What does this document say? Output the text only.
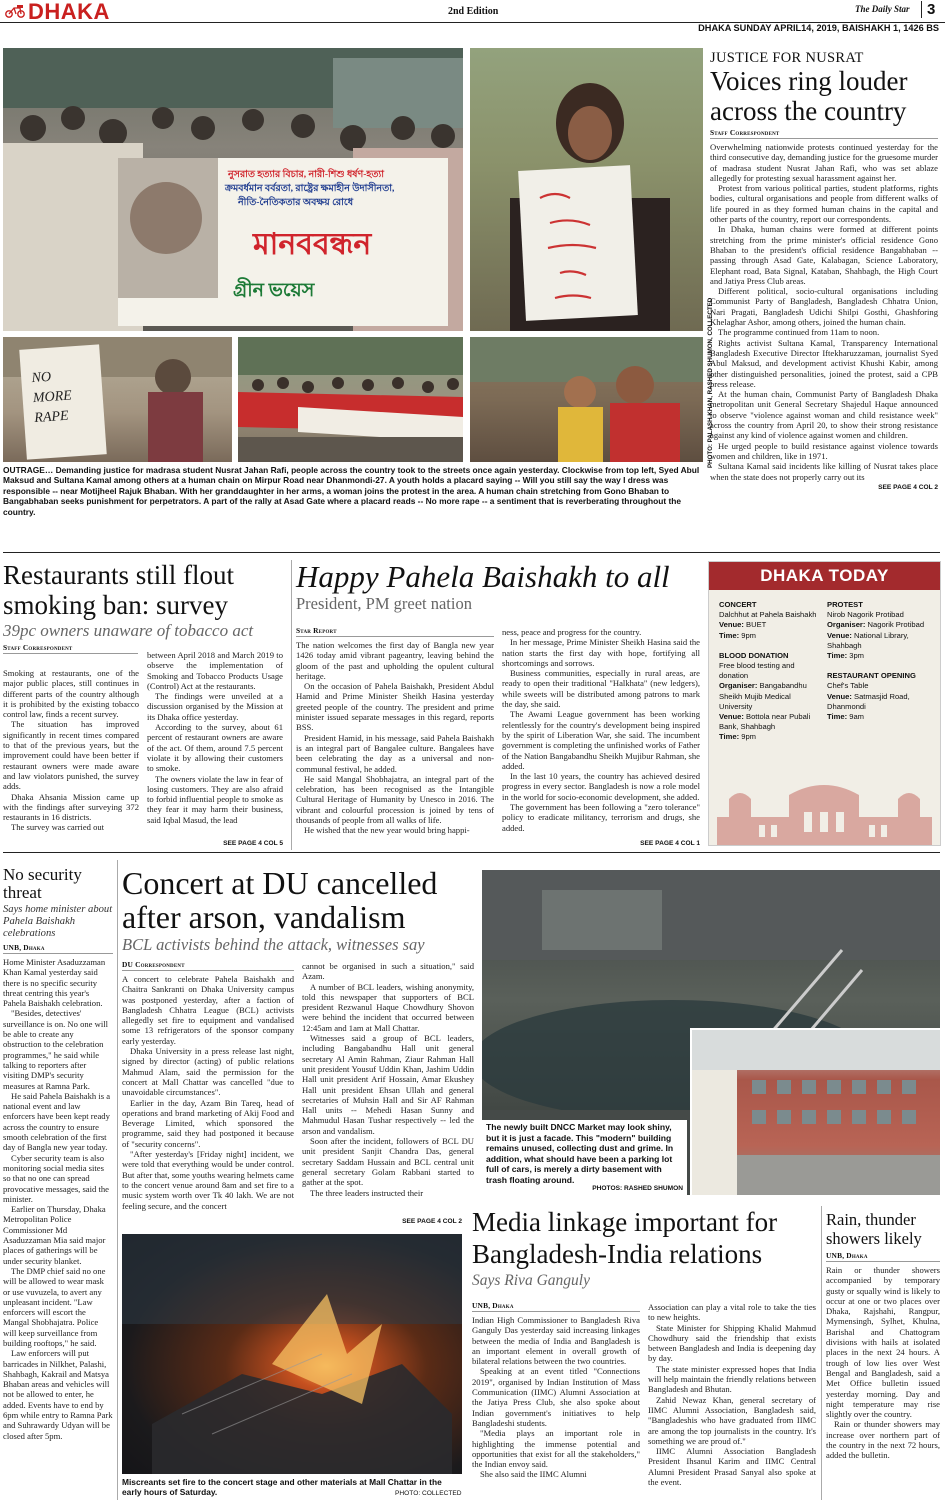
DHAKA	2nd Edition	The Daily Star	3
DHAKA SUNDAY APRIL14, 2019, BAISHAKH 1, 1426 BS
নুসরাত হত্যার বিচার, নারী-শিশু ধর্ষণ-হত্যা
ক্রমবর্ধমান বর্বরতা, রাষ্ট্রের ক্ষমাহীন উদাসীনতা,
নীতি-নৈতিকতার অবক্ষয় রোধে
মানববন্ধন
গ্রীন ভয়েস
NO MORE RAPE	PHOTO: PALASH KHAN, RASHED SHUMON, COLLECTED
JUSTICE FOR NUSRAT
Voices ring louder across the country
Staff Correspondent

Overwhelming nationwide protests continued yesterday for the third consecutive day, demanding justice for the gruesome murder of madrasa student Nusrat Jahan Rafi, who was set ablaze allegedly for protesting sexual harassment against her.

Protest from various political parties, student platforms, rights bodies, cultural organisations and people from different walks of life poured in as they formed human chains in the capital and other parts of the country, report our correspondents.

In Dhaka, human chains were formed at different points stretching from the prime minister's official residence Gono Bhaban to the president's official residence Bangabhaban -- passing through Asad Gate, Kalabagan, Science Laboratory, Elephant road, Bata Signal, Kataban, Shahbagh, the High Court and Jatiya Press Club areas.

Different political, socio-cultural organisations including Communist Party of Bangladesh, Bangladesh Chhatra Union, Nari Pragati, Bangladesh Udichi Shilpi Gosthi, Ghashforing Khelaghar Ashor, among others, joined the human chain.

The programme continued from 11am to noon.

Rights activist Sultana Kamal, Transparency International Bangladesh Executive Director Iftekharuzzaman, journalist Syed Abul Maksud, and development activist Khushi Kabir, among other distinguished personalities, joined the protest, said a CPB press release.

At the human chain, Communist Party of Bangladesh Dhaka metropolitan unit General Secretary Shajedul Haque announced to observe "violence against woman and child resistance week" across the country from April 20, to show their strong resistance against any kind of violence against women and children.

He urged people to build resistance against violence towards women and children, like in 1971.

Sultana Kamal said incidents like killing of Nusrat takes place when the state does not properly carry out its

SEE PAGE 4 COL 2
OUTRAGE… Demanding justice for madrasa student Nusrat Jahan Rafi, people across the country took to the streets once again yesterday. Clockwise from top left, Syed Abul Maksud and Sultana Kamal among others at a human chain on Mirpur Road near Dhanmondi-27. A youth holds a placard saying -- Will you still say the way I dress was responsible -- near Motijheel Rajuk Bhaban. With her granddaughter in her arms, a woman joins the protest in the area. A human chain stretching from Gono Bhaban to Bangabhaban seeks punishment for perpetrators. A part of the rally at Asad Gate where a placard reads -- No more rape -- a sentiment that is reverberating throughout the country.
Restaurants still flout smoking ban: survey
39pc owners unaware of tobacco act
Staff Correspondent

Smoking at restaurants, one of the major public places, still continues in different parts of the country although it is prohibited by the existing tobacco control law, finds a recent survey.

The situation has improved significantly in recent times compared to that of the previous years, but the improvement could have been better if restaurant owners were made aware and law violators punished, the survey adds.

Dhaka Ahsania Mission came up with the findings after surveying 372 restaurants in 16 districts.

The survey was carried out

between April 2018 and March 2019 to observe the implementation of Smoking and Tobacco Products Usage (Control) Act at the restaurants.

The findings were unveiled at a discussion organised by the Mission at its Dhaka office yesterday.

According to the survey, about 61 percent of restaurant owners are aware of the act. Of them, around 7.5 percent violate it by allowing their customers to smoke.

The owners violate the law in fear of losing customers. They are also afraid to forbid influential people to smoke as they fear it may harm their business, said Iqbal Masud, the lead

SEE PAGE 4 COL 5
Happy Pahela Baishakh to all
President, PM greet nation
Star Report

The nation welcomes the first day of Bangla new year 1426 today amid vibrant pageantry, leaving behind the gloom of the past and upholding the opulent cultural heritage.

On the occasion of Pahela Baishakh, President Abdul Hamid and Prime Minister Sheikh Hasina yesterday greeted people of the country. The president and prime minister issued separate messages in this regard, reports BSS.

President Hamid, in his message, said Pahela Baishakh is an integral part of Bangalee culture. Bangalees have been celebrating the day as a universal and non-communal festival, he added.

He said Mangal Shobhajatra, an integral part of the celebration, has been recognised as the Intangible Cultural Heritage of Humanity by Unesco in 2016. The vibrant and colourful procession is joined by tens of thousands of people from all walks of life.

He wished that the new year would bring happi-

ness, peace and progress for the country.

In her message, Prime Minister Sheikh Hasina said the nation starts the first day with hope, fortifying all shortcomings and sorrows.

Business communities, especially in rural areas, are ready to open their traditional "Halkhata" (new ledgers), while sweets will be distributed among patrons to mark the day, she said.

The Awami League government has been working relentlessly for the country's development being inspired by the spirit of Liberation War, she said. The incumbent government is completing the unfinished works of Father of the Nation Bangabandhu Sheikh Mujibur Rahman, she added.

In the last 10 years, the country has achieved desired progress in every sector. Bangladesh is now a role model in the world for socio-economic development, she added.

The government has been following a "zero tolerance" policy to eradicate militancy, terrorism and drugs, she added.

SEE PAGE 4 COL 1
DHAKA TODAY
CONCERT
Dalchhut at Pahela Baishakh
Venue: BUET
Time: 9pm
BLOOD DONATION
Free blood testing and donation
Organiser: Bangabandhu Sheikh Mujib Medical University
Venue: Bottola near Pubali Bank, Shahbagh
Time: 9pm
PROTEST
Nirob Nagorik Protibad
Organiser: Nagorik Protibad
Venue: National Library, Shahbagh
Time: 3pm
RESTAURANT OPENING
Chef's Table
Venue: Satmasjid Road, Dhanmondi
Time: 9am
No security threat
Says home minister about Pahela Baishakh celebrations
UNB, Dhaka

Home Minister Asaduzzaman Khan Kamal yesterday said there is no specific security threat centring this year's Pahela Baishakh celebration.

"Besides, detectives' surveillance is on. No one will be able to create any obstruction to the celebration programmes," he said while talking to reporters after visiting DMP's security measures at Ramna Park.

He said Pahela Baishakh is a national event and law enforcers have been kept ready across the country to ensure smooth celebration of the first day of Bangla new year today.

Cyber security team is also monitoring social media sites so that no one can spread provocative messages, said the minister.

Earlier on Thursday, Dhaka Metropolitan Police Commissioner Md Asaduzzaman Mia said major places of gatherings will be under security blanket.

The DMP chief said no one will be allowed to wear mask or use vuvuzela, to avert any unpleasant incident. "Law enforcers will escort the Mangal Shobhajatra. Police will keep surveillance from building rooftops," he said.

Law enforcers will put barricades in Nilkhet, Palashi, Shahbagh, Kakrail and Matsya Bhaban areas and vehicles will not be allowed to enter, he added. Events have to end by 6pm while entry to Ramna Park and Suhrawardy Udyan will be closed after 5pm.

Concert at DU cancelled after arson, vandalism
BCL activists behind the attack, witnesses say
DU Correspondent

A concert to celebrate Pahela Baishakh and Chaitra Sankranti on Dhaka University campus was postponed yesterday, after a faction of Bangladesh Chhatra League (BCL) activists allegedly set fire to equipment and vandalised some 13 refrigerators of the sponsor company early yesterday.

Dhaka University in a press release last night, signed by director (acting) of public relations Mahmud Alam, said the permission for the concert at Mall Chattar was cancelled "due to unavoidable circumstances".

Earlier in the day, Azam Bin Tareq, head of operations and brand marketing of Akij Food and Beverage Limited, which sponsored the programme, said they had postponed it because of "security concerns".

"After yesterday's [Friday night] incident, we were told that everything would be under control. But after that, some youths wearing helmets came to the concert venue around 8am and set fire to a music system worth over Tk 40 lakh. We are not feeling secure, and the concert

cannot be organised in such a situation," said Azam.

A number of BCL leaders, wishing anonymity, told this newspaper that supporters of BCL president Rezwanul Haque Chowdhury Shovon were behind the incident that occurred between 12:45am and 1am at Mall Chattar.

Witnesses said a group of BCL leaders, including Bangabandhu Hall unit general secretary Al Amin Rahman, Ziaur Rahman Hall unit president Yousuf Uddin Khan, Jashim Uddin Hall unit president Arif Hossain, Amar Ekushey Hall unit president Ehsan Ullah and general secretaries of Muhsin Hall and Sir AF Rahman Hall units -- Mehedi Hasan Sunny and Mahmudul Hasan Tushar respectively -- led the arson and vandalism.

Soon after the incident, followers of BCL DU unit president Sanjit Chandra Das, general secretary Saddam Hussain and BCL central unit general secretary Golam Rabbani started to gather at the spot.

The three leaders instructed their

SEE PAGE 4 COL 2
Miscreants set fire to the concert stage and other materials at Mall Chattar in the early hours of Saturday.	PHOTO: COLLECTED
The newly built DNCC Market may look shiny, but it is just a facade. This "modern" building remains unused, collecting dust and grime. In addition, what should have been a parking lot full of cars, is merely a dirty basement with trash floating around.
PHOTOS: RASHED SHUMON
Media linkage important for Bangladesh-India relations
Says Riva Ganguly
UNB, Dhaka

Indian High Commissioner to Bangladesh Riva Ganguly Das yesterday said increasing linkages between the media of India and Bangladesh is an important element in overall growth of bilateral relations between the two countries.

Speaking at an event titled "Connections 2019", organised by Indian Institution of Mass Communication (IIMC) Alumni Association at the Jatiya Press Club, she also spoke about Indian government's initiatives to help Bangladeshi students.

"Media plays an important role in highlighting the immense potential and opportunities that exist for all the stakeholders," the Indian envoy said.

She also said the IIMC Alumni

Association can play a vital role to take the ties to new heights.

State Minister for Shipping Khalid Mahmud Chowdhury said the friendship that exists between Bangladesh and India is deepening day by day.

The state minister expressed hopes that India will help maintain the friendly relations between Bangladesh and Bhutan.

Zahid Newaz Khan, general secretary of IIMC Alumni Association, Bangladesh said, "Bangladeshis who have graduated from IIMC are among the top journalists in the country. It's something we are proud of."

IIMC Alumni Association Bangladesh President Ihsanul Karim and IIMC Central Alumni President Prasad Sanyal also spoke at the event.

Rain, thunder showers likely
UNB, Dhaka

Rain or thunder showers accompanied by temporary gusty or squally wind is likely to occur at one or two places over Dhaka, Rajshahi, Rangpur, Mymensingh, Sylhet, Khulna, Barishal and Chattogram divisions with hails at isolated places in the next 24 hours. A trough of low lies over West Bengal and Bangladesh, said a Met Office bulletin issued yesterday morning. Day and night temperature may rise slightly over the country.

Rain or thunder showers may increase over northern part of the country in the next 72 hours, added the bulletin.
